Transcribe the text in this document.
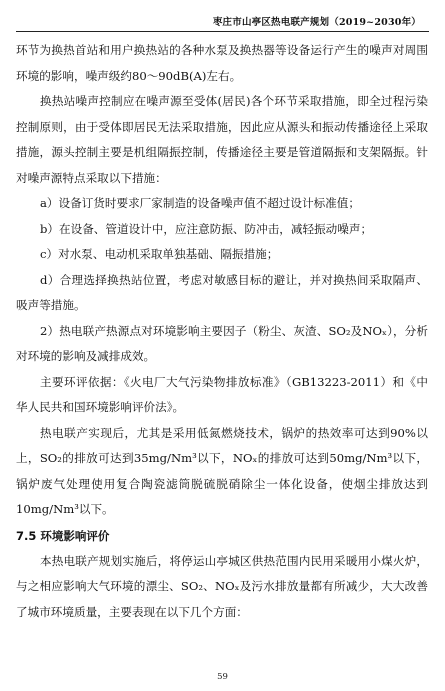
枣庄市山亭区热电联产规划（2019~2030年）

环节为换热首站和用户换热站的各种水泵及换热器等设备运行产生的噪声对周围环境的影响，噪声级约80～90dB(A)左右。

换热站噪声控制应在噪声源至受体(居民)各个环节采取措施，即全过程污染控制原则，由于受体即居民无法采取措施，因此应从源头和振动传播途径上采取措施，源头控制主要是机组隔振控制，传播途径主要是管道隔振和支架隔振。针对噪声源特点采取以下措施：

a）设备订货时要求厂家制造的设备噪声值不超过设计标准值；

b）在设备、管道设计中，应注意防振、防冲击，减轻振动噪声；

c）对水泵、电动机采取单独基础、隔振措施；

d）合理选择换热站位置，考虑对敏感目标的避让，并对换热间采取隔声、吸声等措施。

2）热电联产热源点对环境影响主要因子（粉尘、灰渣、SO₂及NOₓ），分析对环境的影响及减排成效。

主要环评依据：《火电厂大气污染物排放标准》（GB13223-2011）和《中华人民共和国环境影响评价法》。

热电联产实现后，尤其是采用低氮燃烧技术，锅炉的热效率可达到90%以上，SO₂的排放可达到35mg/Nm³以下，NOₓ的排放可达到50mg/Nm³以下，锅炉废气处理使用复合陶瓷滤筒脱硫脱硝除尘一体化设备，使烟尘排放达到10mg/Nm³以下。

7.5 环境影响评价

本热电联产规划实施后，将停运山亭城区供热范围内民用采暖用小煤火炉，与之相应影响大气环境的漂尘、SO₂、NOₓ及污水排放量都有所减少，大大改善了城市环境质量，主要表现在以下几个方面：

59
